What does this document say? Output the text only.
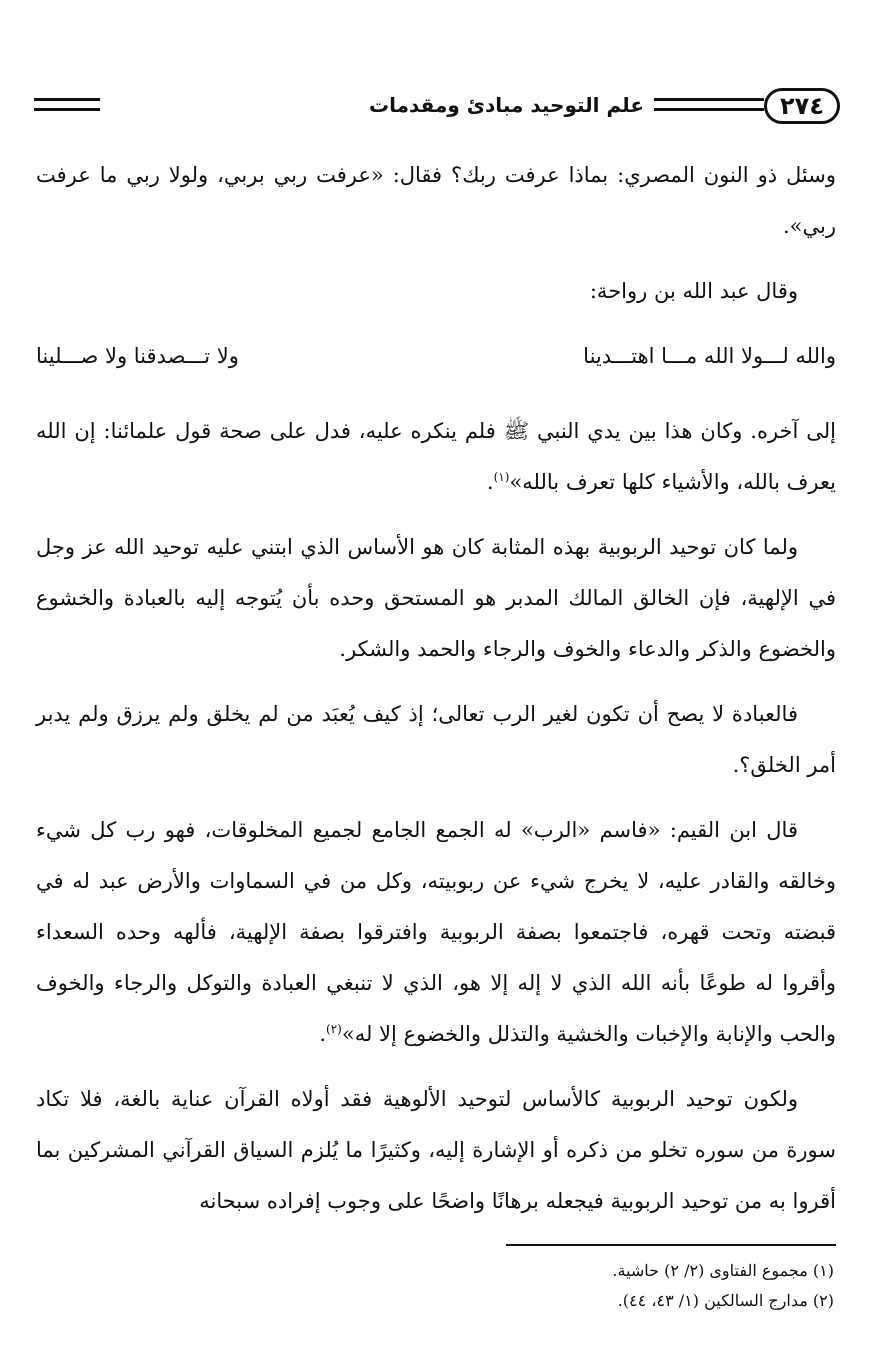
٢٧٤
علم التوحيد مبادئ ومقدمات

وسئل ذو النون المصري: بماذا عرفت ربك؟ فقال: «عرفت ربي بربي، ولولا ربي ما عرفت ربي».

وقال عبد الله بن رواحة:

والله لـــولا الله مـــا اهتـــدينا
ولا تـــصدقنا ولا صـــلينا

إلى آخره. وكان هذا بين يدي النبي ﷺ فلم ينكره عليه، فدل على صحة قول علمائنا: إن الله يعرف بالله، والأشياء كلها تعرف بالله»$^{(١)}$.

ولما كان توحيد الربوبية بهذه المثابة كان هو الأساس الذي ابتني عليه توحيد الله عز وجل في الإلهية، فإن الخالق المالك المدبر هو المستحق وحده بأن يُتوجه إليه بالعبادة والخشوع والخضوع والذكر والدعاء والخوف والرجاء والحمد والشكر.

فالعبادة لا يصح أن تكون لغير الرب تعالى؛ إذ كيف يُعبَد من لم يخلق ولم يرزق ولم يدبر أمر الخلق؟.

قال ابن القيم: «فاسم «الرب» له الجمع الجامع لجميع المخلوقات، فهو رب كل شيء وخالقه والقادر عليه، لا يخرج شيء عن ربوبيته، وكل من في السماوات والأرض عبد له في قبضته وتحت قهره، فاجتمعوا بصفة الربوبية وافترقوا بصفة الإلهية، فألهه وحده السعداء وأقروا له طوعًا بأنه الله الذي لا إله إلا هو، الذي لا تنبغي العبادة والتوكل والرجاء والخوف والحب والإنابة والإخبات والخشية والتذلل والخضوع إلا له»$^{(٢)}$.

ولكون توحيد الربوبية كالأساس لتوحيد الألوهية فقد أولاه القرآن عناية بالغة، فلا تكاد سورة من سوره تخلو من ذكره أو الإشارة إليه، وكثيرًا ما يُلزم السياق القرآني المشركين بما أقروا به من توحيد الربوبية فيجعله برهانًا واضحًا على وجوب إفراده سبحانه

(١) مجموع الفتاوى (٢/ ٢) حاشية.
(٢) مدارج السالكين (١/ ٤٣، ٤٤).
